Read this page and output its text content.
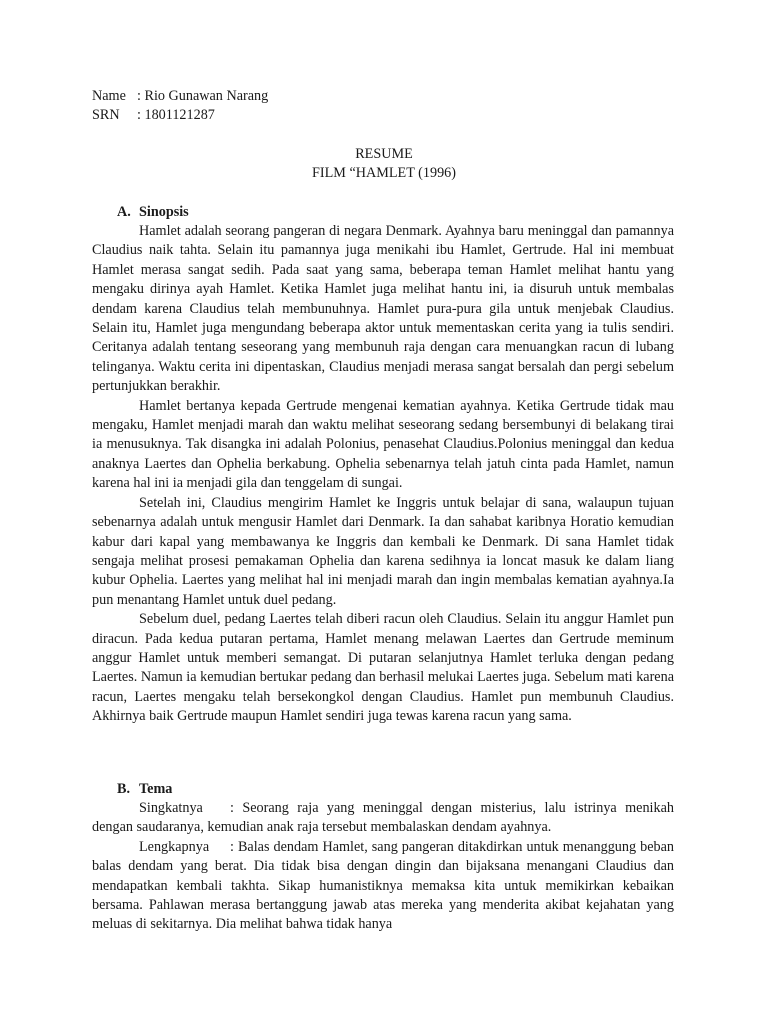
Name : Rio Gunawan Narang
SRN : 1801121287
RESUME
FILM “HAMLET (1996)
A. Sinopsis

Hamlet adalah seorang pangeran di negara Denmark. Ayahnya baru meninggal dan pamannya Claudius naik tahta. Selain itu pamannya juga menikahi ibu Hamlet, Gertrude. Hal ini membuat Hamlet merasa sangat sedih. Pada saat yang sama, beberapa teman Hamlet melihat hantu yang mengaku dirinya ayah Hamlet. Ketika Hamlet juga melihat hantu ini, ia disuruh untuk membalas dendam karena Claudius telah membunuhnya. Hamlet pura-pura gila untuk menjebak Claudius. Selain itu, Hamlet juga mengundang beberapa aktor untuk mementaskan cerita yang ia tulis sendiri. Ceritanya adalah tentang seseorang yang membunuh raja dengan cara menuangkan racun di lubang telinganya. Waktu cerita ini dipentaskan, Claudius menjadi merasa sangat bersalah dan pergi sebelum pertunjukkan berakhir.

Hamlet bertanya kepada Gertrude mengenai kematian ayahnya. Ketika Gertrude tidak mau mengaku, Hamlet menjadi marah dan waktu melihat seseorang sedang bersembunyi di belakang tirai ia menusuknya. Tak disangka ini adalah Polonius, penasehat Claudius.Polonius meninggal dan kedua anaknya Laertes dan Ophelia berkabung. Ophelia sebenarnya telah jatuh cinta pada Hamlet, namun karena hal ini ia menjadi gila dan tenggelam di sungai.

Setelah ini, Claudius mengirim Hamlet ke Inggris untuk belajar di sana, walaupun tujuan sebenarnya adalah untuk mengusir Hamlet dari Denmark. Ia dan sahabat karibnya Horatio kemudian kabur dari kapal yang membawanya ke Inggris dan kembali ke Denmark. Di sana Hamlet tidak sengaja melihat prosesi pemakaman Ophelia dan karena sedihnya ia loncat masuk ke dalam liang kubur Ophelia. Laertes yang melihat hal ini menjadi marah dan ingin membalas kematian ayahnya.Ia pun menantang Hamlet untuk duel pedang.

Sebelum duel, pedang Laertes telah diberi racun oleh Claudius. Selain itu anggur Hamlet pun diracun. Pada kedua putaran pertama, Hamlet menang melawan Laertes dan Gertrude meminum anggur Hamlet untuk memberi semangat. Di putaran selanjutnya Hamlet terluka dengan pedang Laertes. Namun ia kemudian bertukar pedang dan berhasil melukai Laertes juga. Sebelum mati karena racun, Laertes mengaku telah bersekongkol dengan Claudius. Hamlet pun membunuh Claudius. Akhirnya baik Gertrude maupun Hamlet sendiri juga tewas karena racun yang sama.

B. Tema

Singkatnya : Seorang raja yang meninggal dengan misterius, lalu istrinya menikah dengan saudaranya, kemudian anak raja tersebut membalaskan dendam ayahnya.

Lengkapnya : Balas dendam Hamlet, sang pangeran ditakdirkan untuk menanggung beban balas dendam yang berat. Dia tidak bisa dengan dingin dan bijaksana menangani Claudius dan mendapatkan kembali takhta. Sikap humanistiknya memaksa kita untuk memikirkan kebaikan bersama. Pahlawan merasa bertanggung jawab atas mereka yang menderita akibat kejahatan yang meluas di sekitarnya. Dia melihat bahwa tidak hanya
